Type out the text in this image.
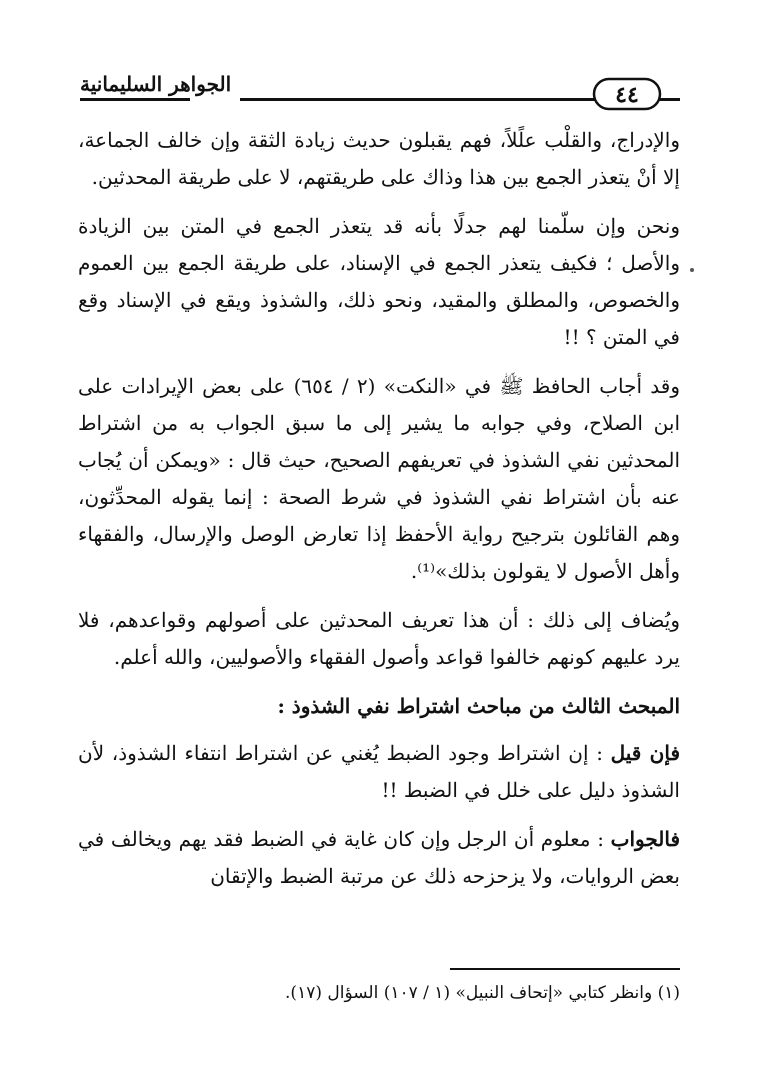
الجواهر السليمانية	٤٤

والإدراج، والقلْب علًلاً، فهم يقبلون حديث زيادة الثقة وإن خالف الجماعة، إلا أنْ يتعذر الجمع بين هذا وذاك على طريقتهم، لا على طريقة المحدثين.

ونحن وإن سلّمنا لهم جدلًا بأنه قد يتعذر الجمع في المتن بين الزيادة والأصل ؛ فكيف يتعذر الجمع في الإسناد، على طريقة الجمع بين العموم والخصوص، والمطلق والمقيد، ونحو ذلك، والشذوذ ويقع في الإسناد وقع في المتن ؟ !!

وقد أجاب الحافظ ﷺ في «النكت» (٢ / ٦٥٤) على بعض الإيرادات على ابن الصلاح، وفي جوابه ما يشير إلى ما سبق الجواب به من اشتراط المحدثين نفي الشذوذ في تعريفهم الصحيح، حيث قال : «ويمكن أن يُجاب عنه بأن اشتراط نفي الشذوذ في شرط الصحة : إنما يقوله المحدِّثون، وهم القائلون بترجيح رواية الأحفظ إذا تعارض الوصل والإرسال، والفقهاء وأهل الأصول لا يقولون بذلك»⁽¹⁾.

ويُضاف إلى ذلك : أن هذا تعريف المحدثين على أصولهم وقواعدهم، فلا يرد عليهم كونهم خالفوا قواعد وأصول الفقهاء والأصوليين، والله أعلم.

المبحث الثالث من مباحث اشتراط نفي الشذوذ :

فإن قيل : إن اشتراط وجود الضبط يُغني عن اشتراط انتفاء الشذوذ، لأن الشذوذ دليل على خلل في الضبط !!

فالجواب : معلوم أن الرجل وإن كان غاية في الضبط فقد يهم ويخالف في بعض الروايات، ولا يزحزحه ذلك عن مرتبة الضبط والإتقان

(١) وانظر كتابي «إتحاف النبيل» (١ / ١٠٧) السؤال (١٧).
